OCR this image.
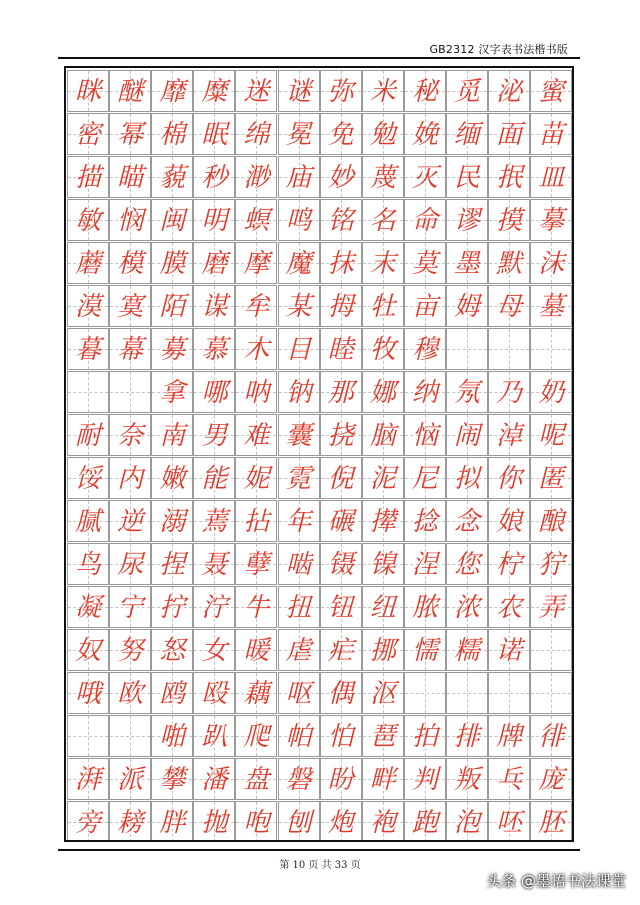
GB2312 汉字表书法楷书版
眯 醚 靡 糜 迷 谜 弥 米 秘 觅 泌 蜜
密 幂 棉 眠 绵 冕 免 勉 娩 缅 面 苗
描 瞄 藐 秒 渺 庙 妙 蔑 灭 民 抿 皿
敏 悯 闽 明 螟 鸣 铭 名 命 谬 摸 摹
蘑 模 膜 磨 摩 魔 抹 末 莫 墨 默 沫
漠 寞 陌 谋 牟 某 拇 牡 亩 姆 母 墓
暮 幕 募 慕 木 目 睦 牧 穆
拿 哪 呐 钠 那 娜 纳 氖 乃 奶
耐 奈 南 男 难 囊 挠 脑 恼 闹 淖 呢
馁 内 嫩 能 妮 霓 倪 泥 尼 拟 你 匿
腻 逆 溺 蔫 拈 年 碾 撵 捻 念 娘 酿
鸟 尿 捏 聂 孽 啮 镊 镍 涅 您 柠 狞
凝 宁 拧 泞 牛 扭 钮 纽 脓 浓 农 弄
奴 努 怒 女 暖 虐 疟 挪 懦 糯 诺
哦 欧 鸥 殴 藕 呕 偶 沤
啪 趴 爬 帕 怕 琶 拍 排 牌 徘
湃 派 攀 潘 盘 磐 盼 畔 判 叛 乓 庞
旁 耪 胖 抛 咆 刨 炮 袍 跑 泡 呸 胚
第 10 页 共 33 页
头条 @墨语书法课堂
